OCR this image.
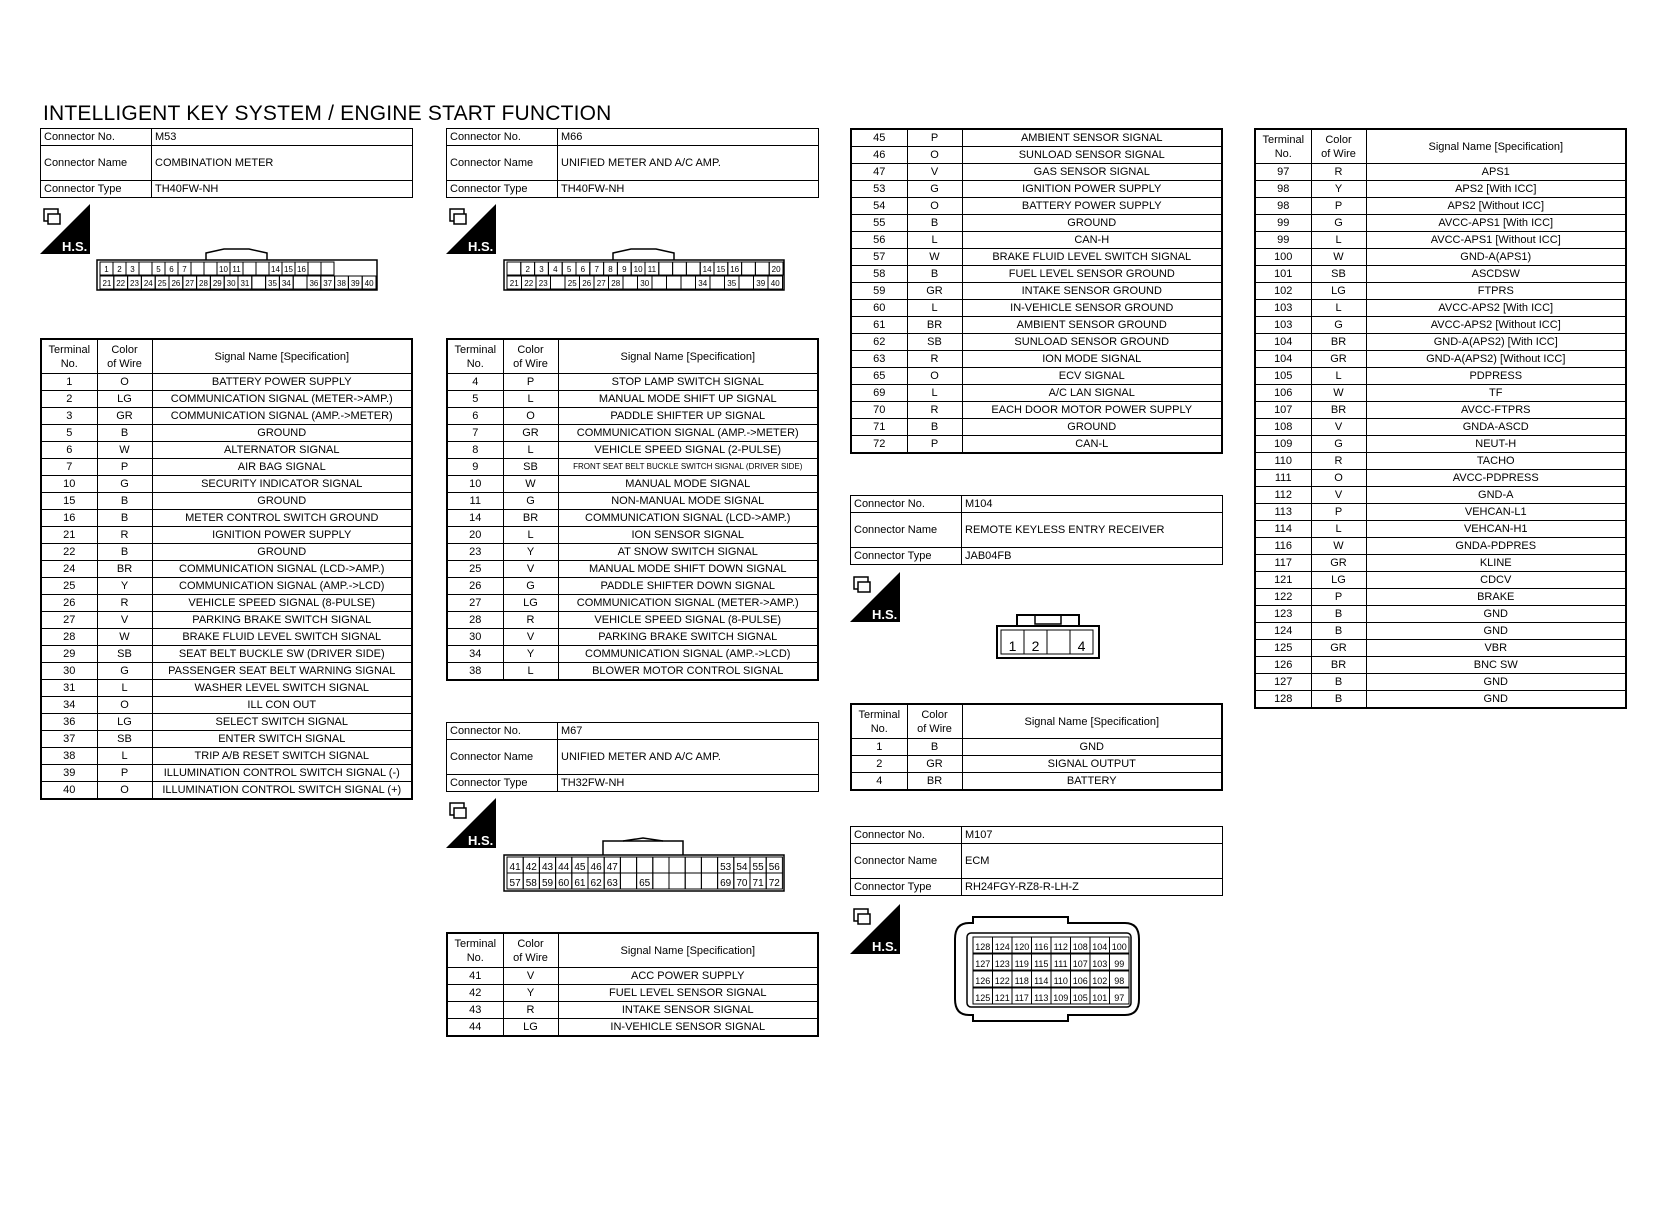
INTELLIGENT KEY SYSTEM / ENGINE START FUNCTION
Connector No.	M53
Connector Name	COMBINATION METER
Connector Type	TH40FW-NH
H.S.
1 2 3	5 6 7	10 11	14 15 16
21 22 23 24 25 26 27 28 29 30 31 35 34 36 37 38 39 40
Terminal
No.	Color
of Wire	Signal Name [Specification]
1	O	BATTERY POWER SUPPLY
2	LG	COMMUNICATION SIGNAL (METER->AMP.)
3	GR	COMMUNICATION SIGNAL (AMP.->METER)
5	B	GROUND
6	W	ALTERNATOR SIGNAL
7	P	AIR BAG SIGNAL
10	G	SECURITY INDICATOR SIGNAL
15	B	GROUND
16	B	METER CONTROL SWITCH GROUND
21	R	IGNITION POWER SUPPLY
22	B	GROUND
24	BR	COMMUNICATION SIGNAL (LCD->AMP.)
25	Y	COMMUNICATION SIGNAL (AMP.->LCD)
26	R	VEHICLE SPEED SIGNAL (8-PULSE)
27	V	PARKING BRAKE SWITCH SIGNAL
28	W	BRAKE FLUID LEVEL SWITCH SIGNAL
29	SB	SEAT BELT BUCKLE SW (DRIVER SIDE)
30	G	PASSENGER SEAT BELT WARNING SIGNAL
31	L	WASHER LEVEL SWITCH SIGNAL
34	O	ILL CON OUT
36	LG	SELECT SWITCH SIGNAL
37	SB	ENTER SWITCH SIGNAL
38	L	TRIP A/B RESET SWITCH SIGNAL
39	P	ILLUMINATION CONTROL SWITCH SIGNAL (-)
40	O	ILLUMINATION CONTROL SWITCH SIGNAL (+)
Connector No.	M66
Connector Name	UNIFIED METER AND A/C AMP.
Connector Type	TH40FW-NH
H.S.
2 3 4 5 6 7 8 9 10 11	14 15 16	20
21 22 23	25 26 27 28	30	34	35	39 40
Terminal
No.	Color
of Wire	Signal Name [Specification]
4	P	STOP LAMP SWITCH SIGNAL
5	L	MANUAL MODE SHIFT UP SIGNAL
6	O	PADDLE SHIFTER UP SIGNAL
7	GR	COMMUNICATION SIGNAL (AMP.->METER)
8	L	VEHICLE SPEED SIGNAL (2-PULSE)
9	SB	FRONT SEAT BELT BUCKLE SWITCH SIGNAL (DRIVER SIDE)
10	W	MANUAL MODE SIGNAL
11	G	NON-MANUAL MODE SIGNAL
14	BR	COMMUNICATION SIGNAL (LCD->AMP.)
20	L	ION SENSOR SIGNAL
23	Y	AT SNOW SWITCH SIGNAL
25	V	MANUAL MODE SHIFT DOWN SIGNAL
26	G	PADDLE SHIFTER DOWN SIGNAL
27	LG	COMMUNICATION SIGNAL (METER->AMP.)
28	R	VEHICLE SPEED SIGNAL (8-PULSE)
30	V	PARKING BRAKE SWITCH SIGNAL
34	Y	COMMUNICATION SIGNAL (AMP.->LCD)
38	L	BLOWER MOTOR CONTROL SIGNAL
Connector No.	M67
Connector Name	UNIFIED METER AND A/C AMP.
Connector Type	TH32FW-NH
H.S.
41 42 43 44 45 46 47	53 54 55 56
57 58 59 60 61 62 63 65	69 70 71 72
Terminal
No.	Color
of Wire	Signal Name [Specification]
41	V	ACC POWER SUPPLY
42	Y	FUEL LEVEL SENSOR SIGNAL
43	R	INTAKE SENSOR SIGNAL
44	LG	IN-VEHICLE SENSOR SIGNAL
45	P	AMBIENT SENSOR SIGNAL
46	O	SUNLOAD SENSOR SIGNAL
47	V	GAS SENSOR SIGNAL
53	G	IGNITION POWER SUPPLY
54	O	BATTERY POWER SUPPLY
55	B	GROUND
56	L	CAN-H
57	W	BRAKE FLUID LEVEL SWITCH SIGNAL
58	B	FUEL LEVEL SENSOR GROUND
59	GR	INTAKE SENSOR GROUND
60	L	IN-VEHICLE SENSOR GROUND
61	BR	AMBIENT SENSOR GROUND
62	SB	SUNLOAD SENSOR GROUND
63	R	ION MODE SIGNAL
65	O	ECV SIGNAL
69	L	A/C LAN SIGNAL
70	R	EACH DOOR MOTOR POWER SUPPLY
71	B	GROUND
72	P	CAN-L
Connector No.	M104
Connector Name	REMOTE KEYLESS ENTRY RECEIVER
Connector Type	JAB04FB
H.S.
1 2	4
Terminal
No.	Color
of Wire	Signal Name [Specification]
1	B	GND
2	GR	SIGNAL OUTPUT
4	BR	BATTERY
Connector No.	M107
Connector Name	ECM
Connector Type	RH24FGY-RZ8-R-LH-Z
H.S.	128 124 120 116 112 108 104 100
127 123 119 115 111 107 103 99
126 122 118 114 110 106 102 98
125 121 117 113 109 105 101 97
Terminal
No.	Color
of Wire	Signal Name [Specification]
97	R	APS1
98	Y	APS2 [With ICC]
98	P	APS2 [Without ICC]
99	G	AVCC-APS1 [With ICC]
99	L	AVCC-APS1 [Without ICC]
100	W	GND-A(APS1)
101	SB	ASCDSW
102	LG	FTPRS
103	L	AVCC-APS2 [With ICC]
103	G	AVCC-APS2 [Without ICC]
104	BR	GND-A(APS2) [With ICC]
104	GR	GND-A(APS2) [Without ICC]
105	L	PDPRESS
106	W	TF
107	BR	AVCC-FTPRS
108	V	GNDA-ASCD
109	G	NEUT-H
110	R	TACHO
111	O	AVCC-PDPRESS
112	V	GND-A
113	P	VEHCAN-L1
114	L	VEHCAN-H1
116	W	GNDA-PDPRES
117	GR	KLINE
121	LG	CDCV
122	P	BRAKE
123	B	GND
124	B	GND
125	GR	VBR
126	BR	BNC SW
127	B	GND
128	B	GND
